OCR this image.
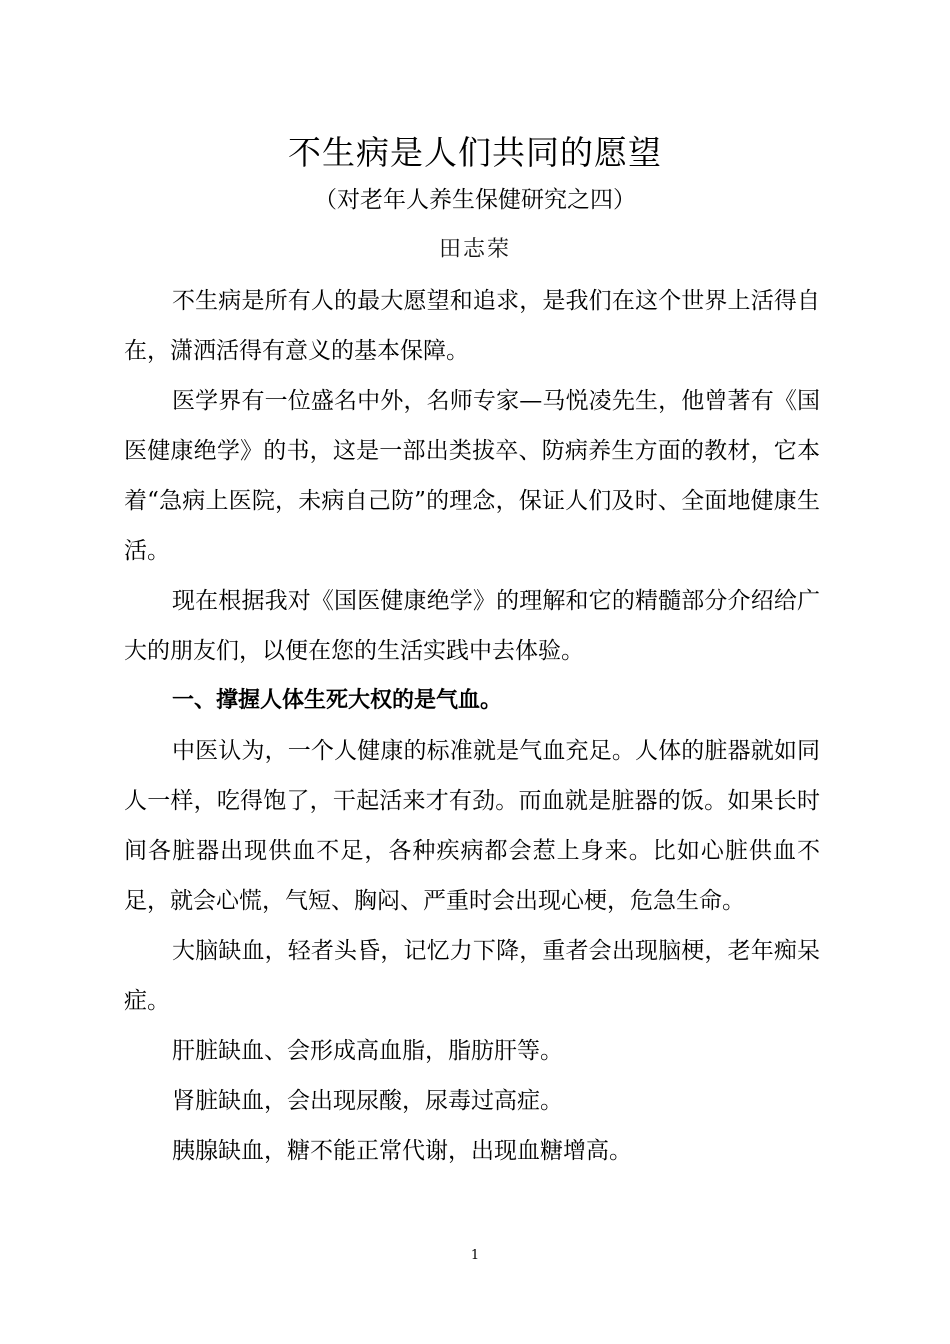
不生病是人们共同的愿望
（对老年人养生保健研究之四）
田志荣

不生病是所有人的最大愿望和追求，是我们在这个世界上活得自在，潇洒活得有意义的基本保障。

医学界有一位盛名中外，名师专家—马悦凌先生，他曾著有《国医健康绝学》的书，这是一部出类拔卒、防病养生方面的教材，它本着“急病上医院，未病自己防”的理念，保证人们及时、全面地健康生活。

现在根据我对《国医健康绝学》的理解和它的精髓部分介绍给广大的朋友们，以便在您的生活实践中去体验。

一、撑握人体生死大权的是气血。

中医认为，一个人健康的标准就是气血充足。人体的脏器就如同人一样，吃得饱了，干起活来才有劲。而血就是脏器的饭。如果长时间各脏器出现供血不足，各种疾病都会惹上身来。比如心脏供血不足，就会心慌，气短、胸闷、严重时会出现心梗，危急生命。

大脑缺血，轻者头昏，记忆力下降，重者会出现脑梗，老年痴呆症。

肝脏缺血、会形成高血脂，脂肪肝等。

肾脏缺血，会出现尿酸，尿毒过高症。

胰腺缺血，糖不能正常代谢，出现血糖增高。

1
